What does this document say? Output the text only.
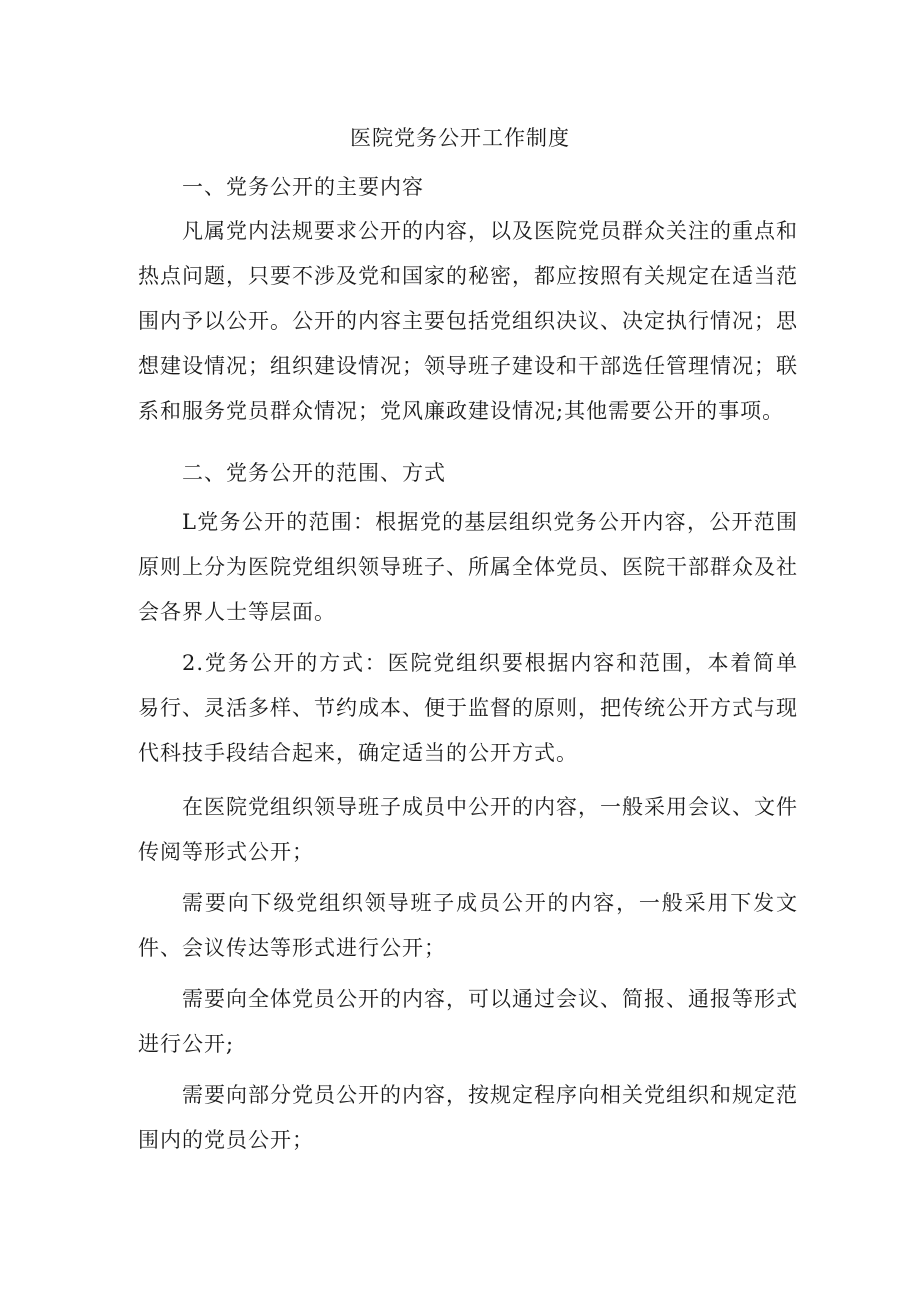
医院党务公开工作制度
一、党务公开的主要内容

凡属党内法规要求公开的内容，以及医院党员群众关注的重点和热点问题，只要不涉及党和国家的秘密，都应按照有关规定在适当范围内予以公开。公开的内容主要包括党组织决议、决定执行情况；思想建设情况；组织建设情况；领导班子建设和干部选任管理情况；联系和服务党员群众情况；党风廉政建设情况;其他需要公开的事项。

二、党务公开的范围、方式

L党务公开的范围：根据党的基层组织党务公开内容，公开范围原则上分为医院党组织领导班子、所属全体党员、医院干部群众及社会各界人士等层面。

2.党务公开的方式：医院党组织要根据内容和范围，本着简单易行、灵活多样、节约成本、便于监督的原则，把传统公开方式与现代科技手段结合起来，确定适当的公开方式。

在医院党组织领导班子成员中公开的内容，一般采用会议、文件传阅等形式公开；

需要向下级党组织领导班子成员公开的内容，一般采用下发文件、会议传达等形式进行公开；

需要向全体党员公开的内容，可以通过会议、简报、通报等形式进行公开;

需要向部分党员公开的内容，按规定程序向相关党组织和规定范围内的党员公开；
